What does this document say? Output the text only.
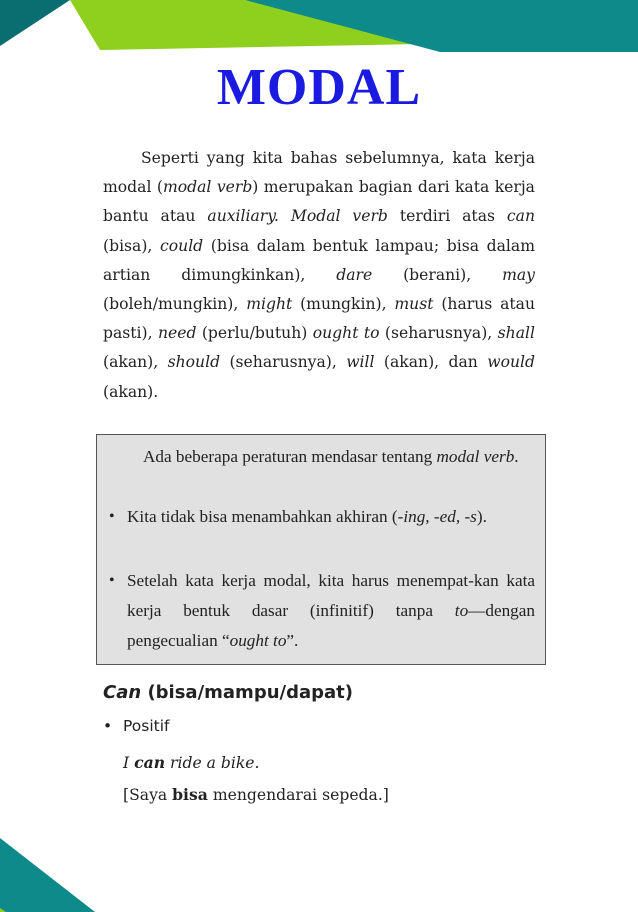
MODAL

Seperti yang kita bahas sebelumnya, kata kerja modal (modal verb) merupakan bagian dari kata kerja bantu atau auxiliary. Modal verb terdiri atas can (bisa), could (bisa dalam bentuk lampau; bisa dalam artian dimungkinkan), dare (berani), may (boleh/mungkin), might (mungkin), must (harus atau pasti), need (perlu/butuh) ought to (seharusnya), shall (akan), should (seharusnya), will (akan), dan would (akan).

Ada beberapa peraturan mendasar tentang modal verb.

• Kita tidak bisa menambahkan akhiran (-ing, -ed, -s).
• Setelah kata kerja modal, kita harus menempat-kan kata kerja bentuk dasar (infinitif) tanpa to—dengan pengecualian “ought to”.
Can (bisa/mampu/dapat)
• Positif

I can ride a bike.
[Saya bisa mengendarai sepeda.]
